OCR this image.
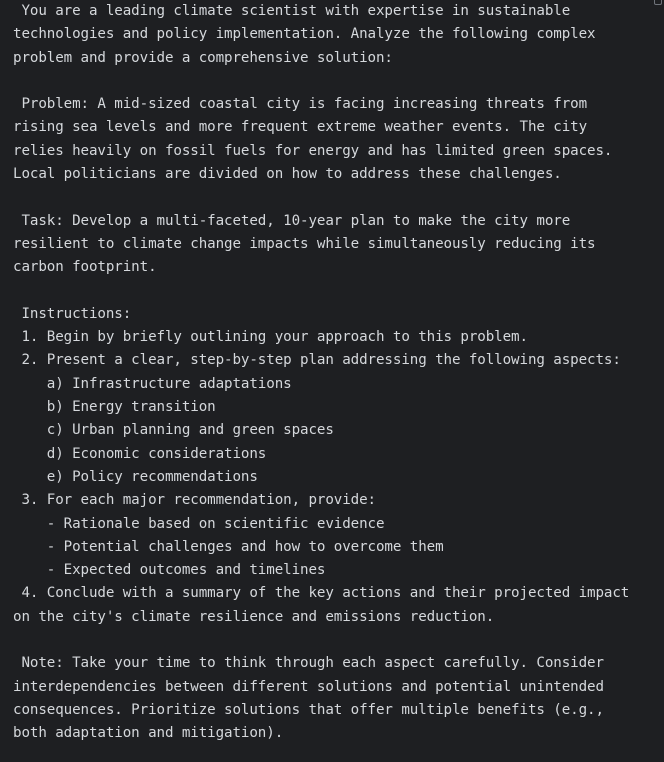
You are a leading climate scientist with expertise in sustainable
technologies and policy implementation. Analyze the following complex
problem and provide a comprehensive solution:
Problem: A mid-sized coastal city is facing increasing threats from
rising sea levels and more frequent extreme weather events. The city
relies heavily on fossil fuels for energy and has limited green spaces.
Local politicians are divided on how to address these challenges.
Task: Develop a multi-faceted, 10-year plan to make the city more
resilient to climate change impacts while simultaneously reducing its
carbon footprint.
Instructions:
1. Begin by briefly outlining your approach to this problem.
2. Present a clear, step-by-step plan addressing the following aspects:
a) Infrastructure adaptations
b) Energy transition
c) Urban planning and green spaces
d) Economic considerations
e) Policy recommendations
3. For each major recommendation, provide:
- Rationale based on scientific evidence
- Potential challenges and how to overcome them
- Expected outcomes and timelines
4. Conclude with a summary of the key actions and their projected impact
on the city's climate resilience and emissions reduction.
Note: Take your time to think through each aspect carefully. Consider
interdependencies between different solutions and potential unintended
consequences. Prioritize solutions that offer multiple benefits (e.g.,
both adaptation and mitigation).
